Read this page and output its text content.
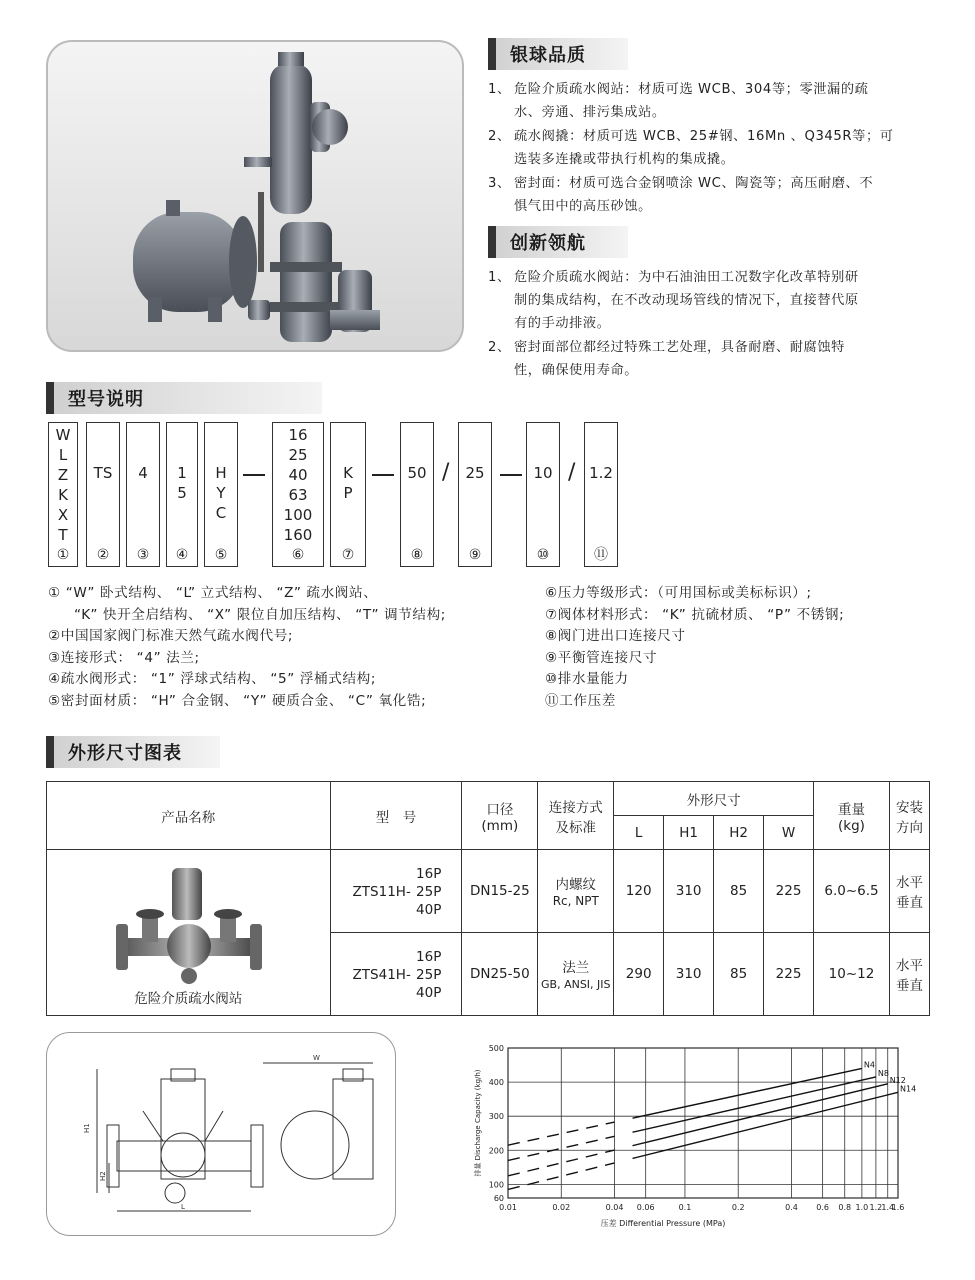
银球品质
1、 危险介质疏水阀站：材质可选 WCB、304等；零泄漏的疏
水、旁通、排污集成站。
2、 疏水阀撬：材质可选 WCB、25#钢、16Mn 、Q345R等；可
选装多连撬或带执行机构的集成撬。
3、 密封面：材质可选合金钢喷涂 WC、陶瓷等；高压耐磨、不
惧气田中的高压砂蚀。
创新领航
1、 危险介质疏水阀站：为中石油油田工况数字化改革特别研
制的集成结构，在不改动现场管线的情况下，直接替代原
有的手动排液。
2、 密封面部位都经过特殊工艺处理，具备耐磨、耐腐蚀特
性，确保使用寿命。
型号说明
W
L
Z
K
X
T
①
TS
②
4
③
1
5
④
H
Y
C
⑤
16
25
40
63
100
160
⑥
K
P
⑦
50
⑧
25
⑨
10
⑩
1.2
⑪
/	/
① “W” 卧式结构、 “L” 立式结构、 “Z” 疏水阀站、
“K” 快开全启结构、 “X” 限位自加压结构、 “T” 调节结构;
②中国国家阀门标准天然气疏水阀代号;
③连接形式： “4” 法兰;
④疏水阀形式： “1” 浮球式结构、 “5” 浮桶式结构;
⑤密封面材质： “H” 合金钢、 “Y” 硬质合金、 “C” 氧化锆;
⑥压力等级形式：（可用国标或美标标识）;
⑦阀体材料形式： “K” 抗硫材质、 “P” 不锈钢;
⑧阀门进出口连接尺寸
⑨平衡管连接尺寸
⑩排水量能力
⑪工作压差
外形尺寸图表
产品名称	型　号	口径
(mm)	连接方式
及标准	外形尺寸				重量
(kg)	安装
方向
				L	H1	H2	W		

危险介质疏水阀站	16P
ZTS11H- 25P
40P	DN15-25	内螺纹
Rc, NPT	120	310	85	225	6.0~6.5	水平
垂直

	16P
ZTS41H- 25P
40P	DN25-50	法兰
GB, ANSI, JIS	290	310	85	225	10~12	水平
垂直
H1
H2
L
W
0.01	0.02	0.04 0.06	0.1	0.2	0.4 0.6 0.8 1.0 1.2 1.4
1.6
60
100
200
300
400
500
N4
N8
N12
N14
压差 Differential Pressure (MPa)
排量 Discharge Capacity (kg/h)
